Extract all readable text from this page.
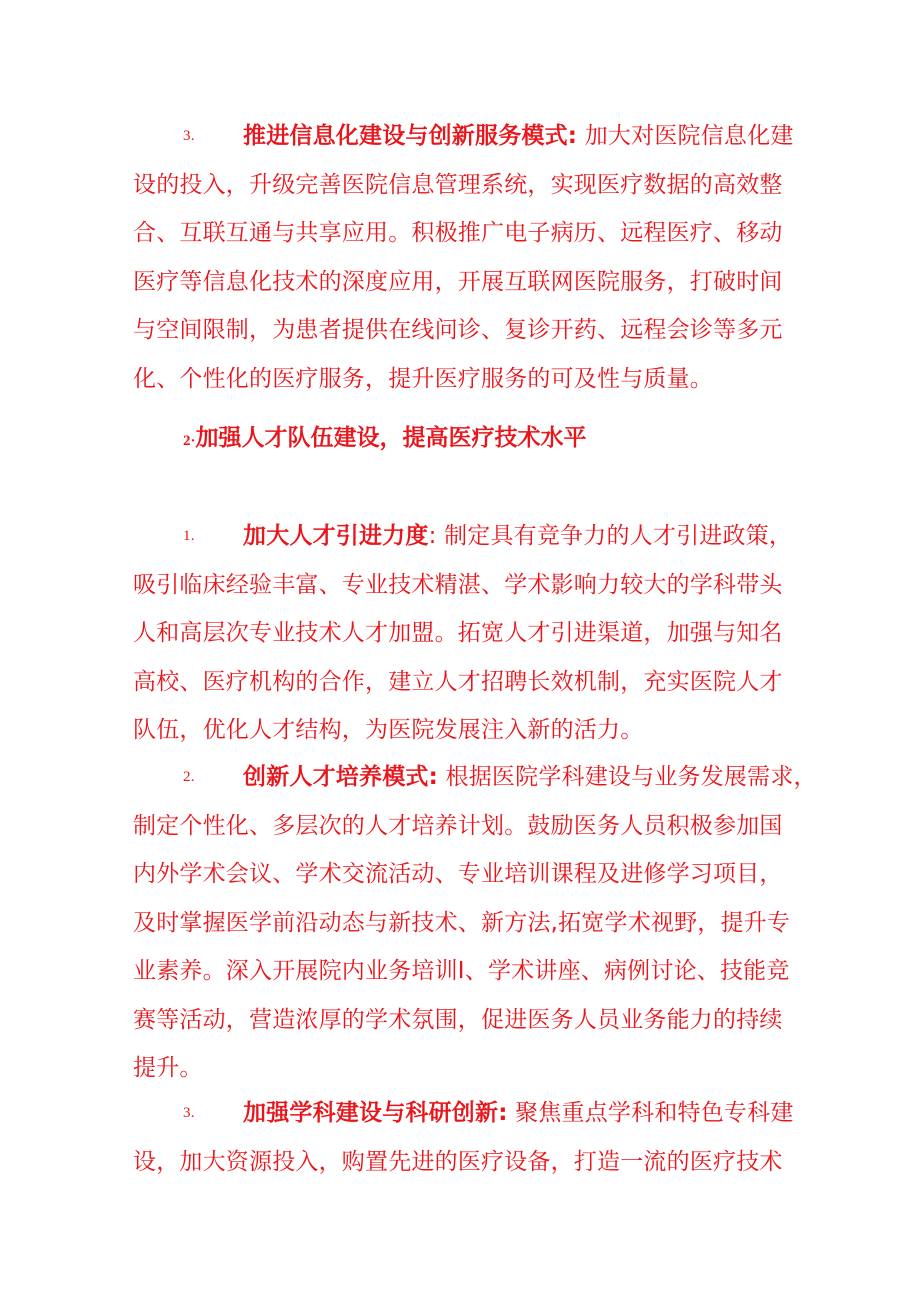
3. 推进信息化建设与创新服务模式: 加大对医院信息化建
设的投入，升级完善医院信息管理系统，实现医疗数据的高效整
合、互联互通与共享应用。积极推广电子病历、远程医疗、移动
医疗等信息化技术的深度应用，开展互联网医院服务，打破时间
与空间限制，为患者提供在线问诊、复诊开药、远程会诊等多元
化、个性化的医疗服务，提升医疗服务的可及性与质量。
2·加强人才队伍建设，提高医疗技术水平
1. 加大人才引进力度: 制定具有竞争力的人才引进政策，
吸引临床经验丰富、专业技术精湛、学术影响力较大的学科带头
人和高层次专业技术人才加盟。拓宽人才引进渠道，加强与知名
高校、医疗机构的合作，建立人才招聘长效机制，充实医院人才
队伍，优化人才结构，为医院发展注入新的活力。
2. 创新人才培养模式: 根据医院学科建设与业务发展需求，
制定个性化、多层次的人才培养计划。鼓励医务人员积极参加国
内外学术会议、学术交流活动、专业培训课程及进修学习项目，
及时掌握医学前沿动态与新技术、新方法,拓宽学术视野，提升专
业素养。深入开展院内业务培训I、学术讲座、病例讨论、技能竞
赛等活动，营造浓厚的学术氛围，促进医务人员业务能力的持续
提升。
3. 加强学科建设与科研创新: 聚焦重点学科和特色专科建
设，加大资源投入，购置先进的医疗设备，打造一流的医疗技术
